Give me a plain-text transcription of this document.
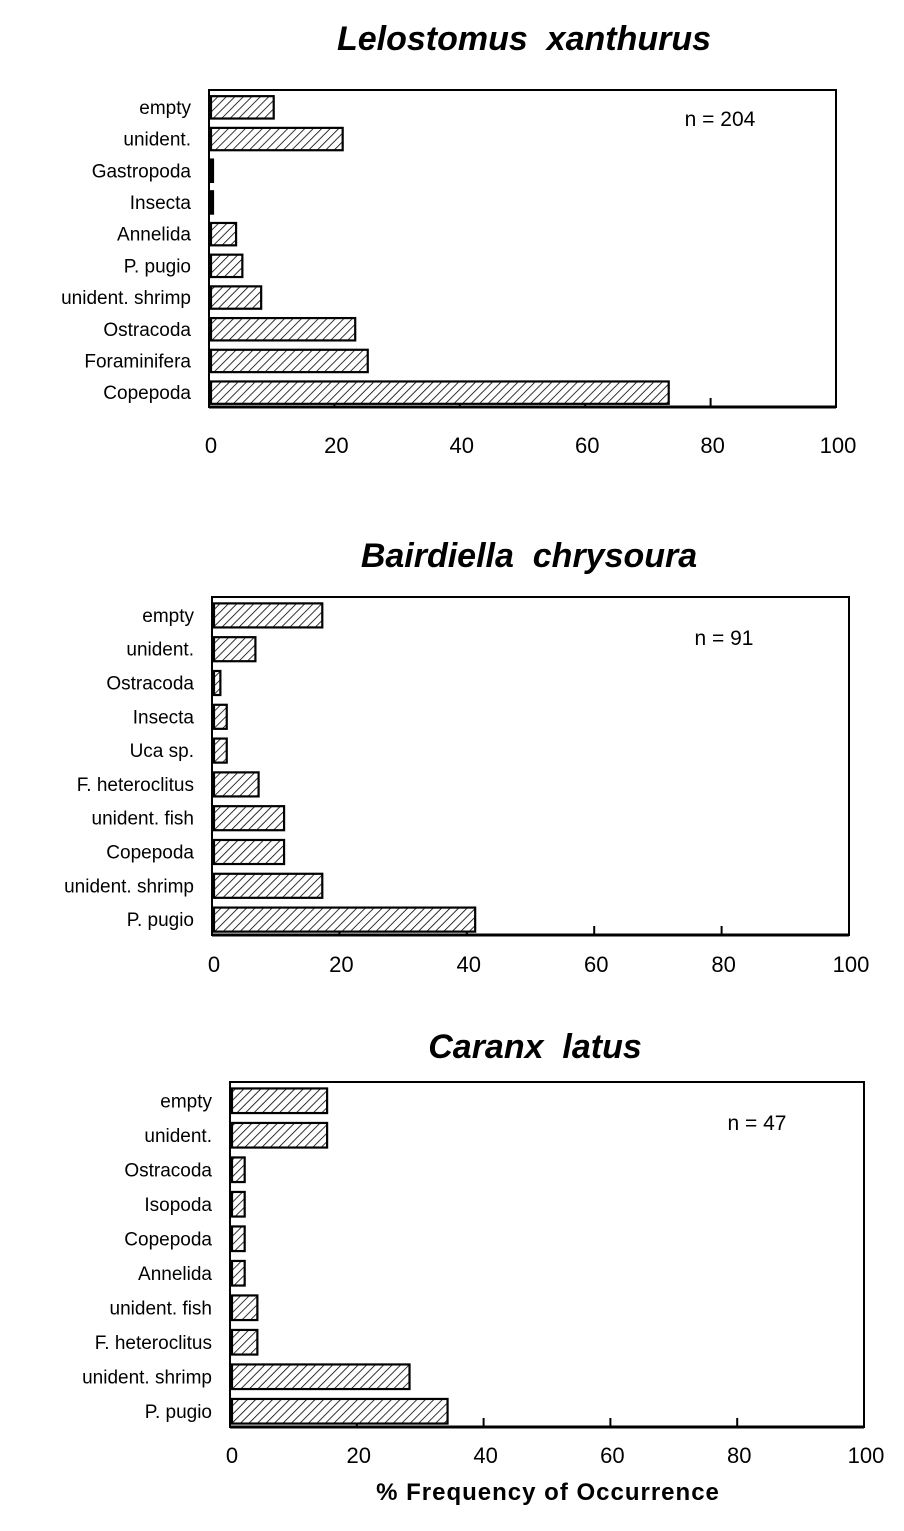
Lelostomus  xanthurus
n = 204
0	20	40	60	80	100
empty
unident.
Gastropoda
Insecta
Annelida
P. pugio
unident. shrimp
Ostracoda
Foraminifera
Copepoda
Bairdiella  chrysoura
n = 91
0	20	40	60	80	100
empty
unident.
Ostracoda
Insecta
Uca sp.
F. heteroclitus
unident. fish
Copepoda
unident. shrimp
P. pugio
Caranx  latus
n = 47
0	20	40	60	80	100
empty
unident.
Ostracoda
Isopoda
Copepoda
Annelida
unident. fish
F. heteroclitus
unident. shrimp
P. pugio
% Frequency of Occurrence
